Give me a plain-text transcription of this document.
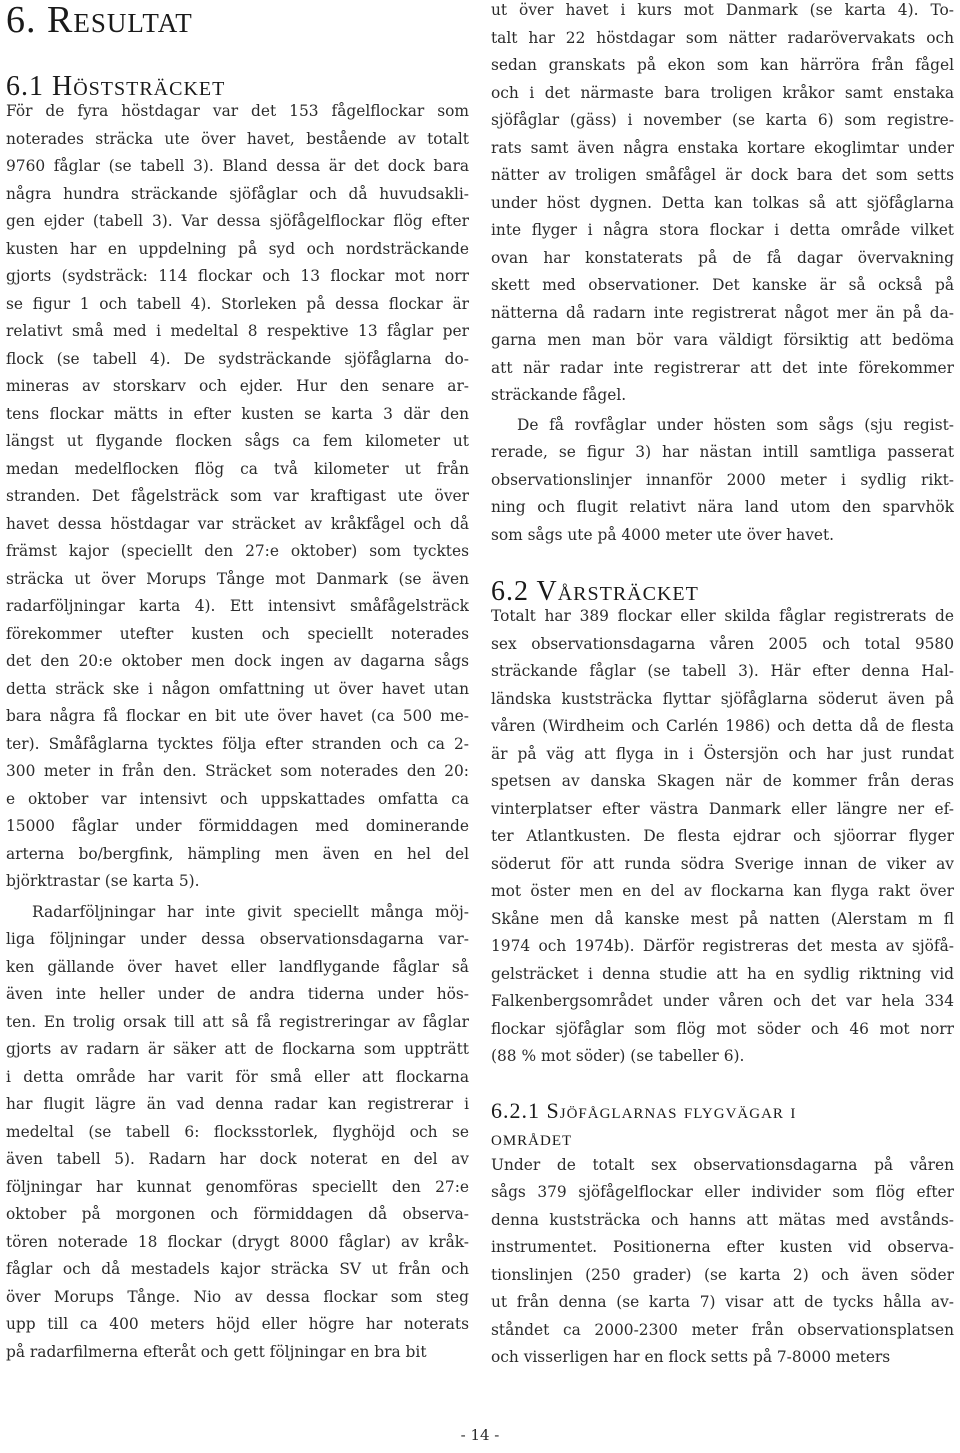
6. Resultat
6.1 Höststräcket
För de fyra höstdagar var det 153 fågelflockar som
noterades sträcka ute över havet, bestående av totalt
9760 fåglar (se tabell 3). Bland dessa är det dock bara
några hundra sträckande sjöfåglar och då huvudsakli-
gen ejder (tabell 3). Var dessa sjöfågelflockar flög efter
kusten har en uppdelning på syd och nordsträckande
gjorts (sydsträck: 114 flockar och 13 flockar mot norr
se figur 1 och tabell 4). Storleken på dessa flockar är
relativt små med i medeltal 8 respektive 13 fåglar per
flock (se tabell 4). De sydsträckande sjöfåglarna do-
mineras av storskarv och ejder. Hur den senare ar-
tens flockar mätts in efter kusten se karta 3 där den
längst ut flygande flocken sågs ca fem kilometer ut
medan medelflocken flög ca två kilometer ut från
stranden. Det fågelsträck som var kraftigast ute över
havet dessa höstdagar var sträcket av kråkfågel och då
främst kajor (speciellt den 27:e oktober) som tycktes
sträcka ut över Morups Tånge mot Danmark (se även
radarföljningar karta 4). Ett intensivt småfågelsträck
förekommer utefter kusten och speciellt noterades
det den 20:e oktober men dock ingen av dagarna sågs
detta sträck ske i någon omfattning ut över havet utan
bara några få flockar en bit ute över havet (ca 500 me-
ter). Småfåglarna tycktes följa efter stranden och ca 2-
300 meter in från den. Sträcket som noterades den 20:
e oktober var intensivt och uppskattades omfatta ca
15000 fåglar under förmiddagen med dominerande
arterna bo/bergfink, hämpling men även en hel del
björktrastar (se karta 5).
Radarföljningar har inte givit speciellt många möj-
liga följningar under dessa observationsdagarna var-
ken gällande över havet eller landflygande fåglar så
även inte heller under de andra tiderna under hös-
ten. En trolig orsak till att så få registreringar av fåglar
gjorts av radarn är säker att de flockarna som uppträtt
i detta område har varit för små eller att flockarna
har flugit lägre än vad denna radar kan registrerar i
medeltal (se tabell 6: flocksstorlek, flyghöjd och se
även tabell 5). Radarn har dock noterat en del av
följningar har kunnat genomföras speciellt den 27:e
oktober på morgonen och förmiddagen då observa-
tören noterade 18 flockar (drygt 8000 fåglar) av kråk-
fåglar och då mestadels kajor sträcka SV ut från och
över Morups Tånge. Nio av dessa flockar som steg
upp till ca 400 meters höjd eller högre har noterats
på radarfilmerna efteråt och gett följningar en bra bit
ut över havet i kurs mot Danmark (se karta 4). To-
talt har 22 höstdagar som nätter radarövervakats och
sedan granskats på ekon som kan härröra från fågel
och i det närmaste bara troligen kråkor samt enstaka
sjöfåglar (gäss) i november (se karta 6) som registre-
rats samt även några enstaka kortare ekoglimtar under
nätter av troligen småfågel är dock bara det som setts
under höst dygnen. Detta kan tolkas så att sjöfåglarna
inte flyger i några stora flockar i detta område vilket
ovan har konstaterats på de få dagar övervakning
skett med observationer. Det kanske är så också på
nätterna då radarn inte registrerat något mer än på da-
garna men man bör vara väldigt försiktig att bedöma
att när radar inte registrerar att det inte förekommer
sträckande fågel.
De få rovfåglar under hösten som sågs (sju regist-
rerade, se figur 3) har nästan intill samtliga passerat
observationslinjer innanför 2000 meter i sydlig rikt-
ning och flugit relativt nära land utom den sparvhök
som sågs ute på 4000 meter ute över havet.
6.2 Vårsträcket
Totalt har 389 flockar eller skilda fåglar registrerats de
sex observationsdagarna våren 2005 och total 9580
sträckande fåglar (se tabell 3). Här efter denna Hal-
ländska kuststräcka flyttar sjöfåglarna söderut även på
våren (Wirdheim och Carlén 1986) och detta då de flesta
är på väg att flyga in i Östersjön och har just rundat
spetsen av danska Skagen när de kommer från deras
vinterplatser efter västra Danmark eller längre ner ef-
ter Atlantkusten. De flesta ejdrar och sjöorrar flyger
söderut för att runda södra Sverige innan de viker av
mot öster men en del av flockarna kan flyga rakt över
Skåne men då kanske mest på natten (Alerstam m fl
1974 och 1974b). Därför registreras det mesta av sjöfå-
gelsträcket i denna studie att ha en sydlig riktning vid
Falkenbergsområdet under våren och det var hela 334
flockar sjöfåglar som flög mot söder och 46 mot norr
(88 % mot söder) (se tabeller 6).
6.2.1 Sjöfåglarnas flygvägar i
området
Under de totalt sex observationsdagarna på våren
sågs 379 sjöfågelflockar eller individer som flög efter
denna kuststräcka och hanns att mätas med avstånds-
instrumentet. Positionerna efter kusten vid observa-
tionslinjen (250 grader) (se karta 2) och även söder
ut från denna (se karta 7) visar att de tycks hålla av-
ståndet ca 2000-2300 meter från observationsplatsen
och visserligen har en flock setts på 7-8000 meters
- 14 -
